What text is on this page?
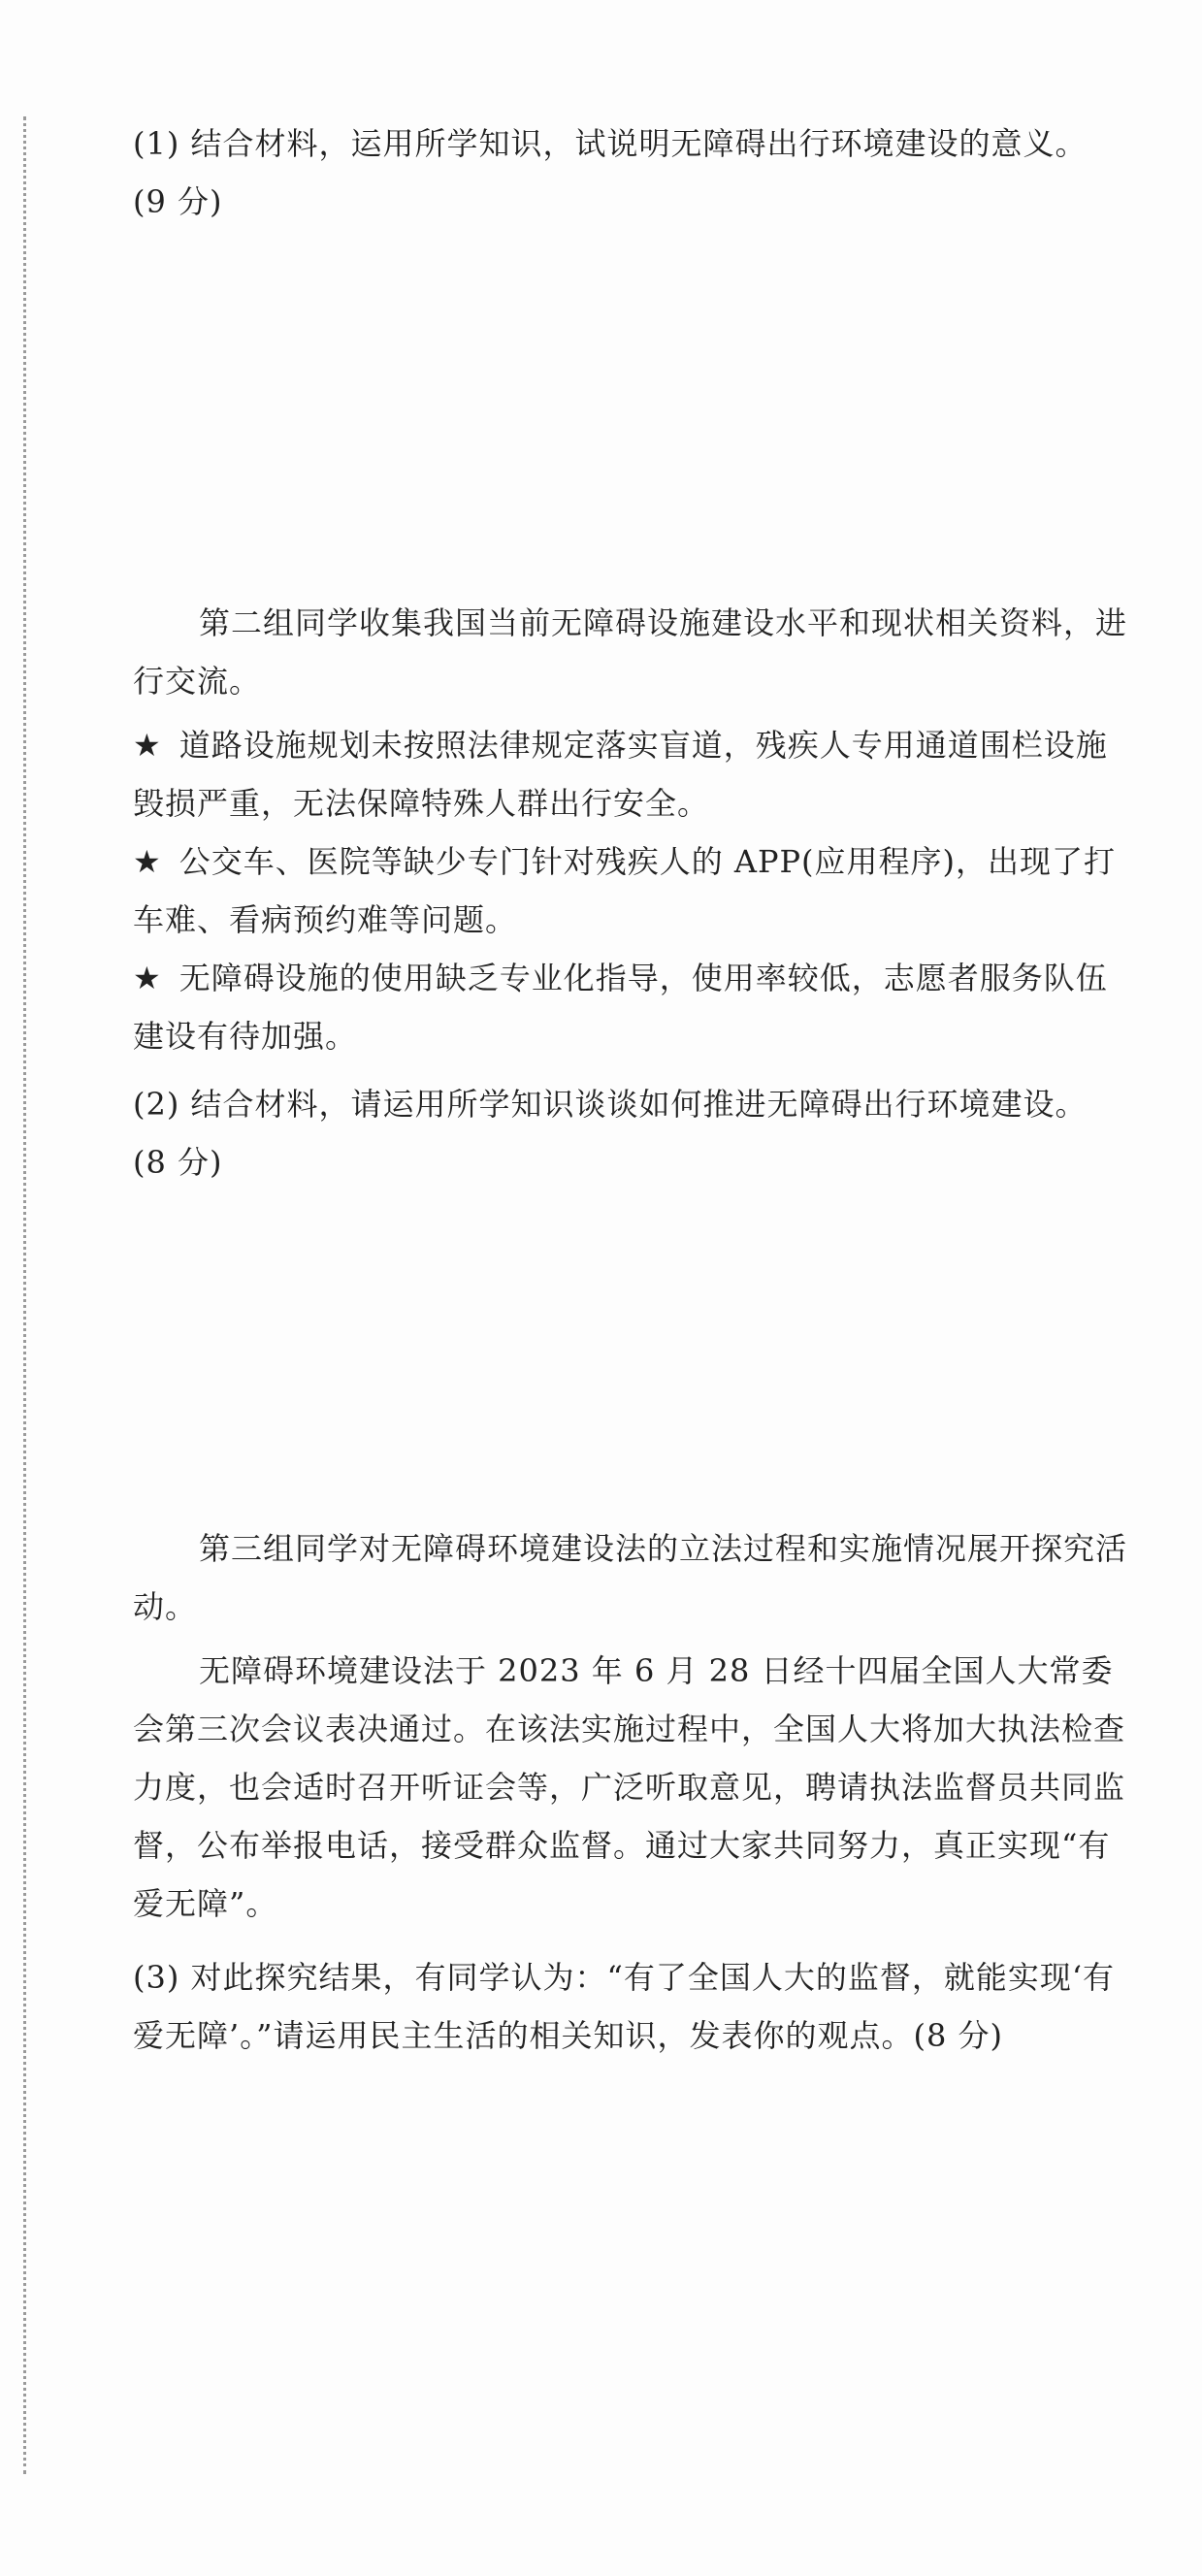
(1) 结合材料，运用所学知识，试说明无障碍出行环境建设的意义。
(9 分)

第二组同学收集我国当前无障碍设施建设水平和现状相关资料，进行交流。

★ 道路设施规划未按照法律规定落实盲道，残疾人专用通道围栏设施毁损严重，无法保障特殊人群出行安全。
★ 公交车、医院等缺少专门针对残疾人的 APP(应用程序)，出现了打车难、看病预约难等问题。
★ 无障碍设施的使用缺乏专业化指导，使用率较低，志愿者服务队伍建设有待加强。

(2) 结合材料，请运用所学知识谈谈如何推进无障碍出行环境建设。
(8 分)

第三组同学对无障碍环境建设法的立法过程和实施情况展开探究活动。

无障碍环境建设法于 2023 年 6 月 28 日经十四届全国人大常委会第三次会议表决通过。在该法实施过程中，全国人大将加大执法检查力度，也会适时召开听证会等，广泛听取意见，聘请执法监督员共同监督，公布举报电话，接受群众监督。通过大家共同努力，真正实现“有爱无障”。

(3) 对此探究结果，有同学认为：“有了全国人大的监督，就能实现‘有爱无障’。”请运用民主生活的相关知识，发表你的观点。(8 分)
